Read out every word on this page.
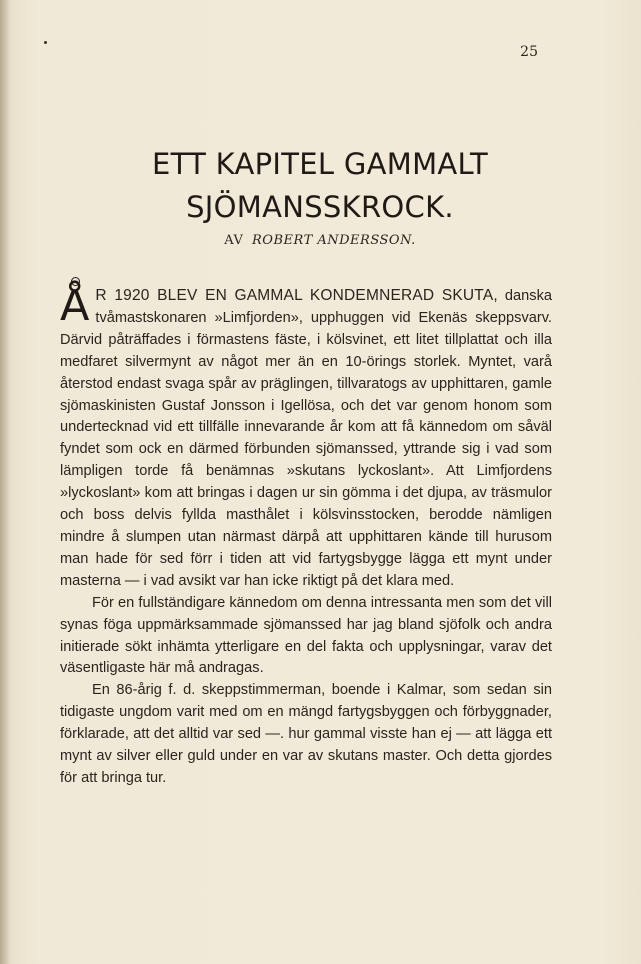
25
ETT KAPITEL GAMMALT
SJÖMANSSKROCK.
AV ROBERT ANDERSSON.

Å R 1920 BLEV EN GAMMAL KONDEMNERAD SKUTA, danska tvåmastskonaren »Limfjorden», upphuggen vid Ekenäs skeppsvarv. Därvid påträffades i förmastens fäste, i kölsvinet, ett litet tillplattat och illa medfaret silvermynt av något mer än en 10-örings storlek. Myntet, varå återstod endast svaga spår av präglingen, tillvaratogs av upphittaren, gamle sjömaskinisten Gustaf Jonsson i Igellösa, och det var genom honom som undertecknad vid ett tillfälle innevarande år kom att få kännedom om såväl fyndet som ock en därmed förbunden sjömanssed, yttrande sig i vad som lämpligen torde få benämnas »skutans lyckoslant». Att Limfjordens »lyckoslant» kom att bringas i dagen ur sin gömma i det djupa, av träsmulor och boss delvis fyllda masthålet i kölsvinsstocken, berodde nämligen mindre å slumpen utan närmast därpå att upphittaren kände till hurusom man hade för sed förr i tiden att vid fartygsbygge lägga ett mynt under masterna — i vad avsikt var han icke riktigt på det klara med.

För en fullständigare kännedom om denna intressanta men som det vill synas föga uppmärksammade sjömanssed har jag bland sjöfolk och andra initierade sökt inhämta ytterligare en del fakta och upplysningar, varav det väsentligaste här må andragas.

En 86-årig f. d. skeppstimmerman, boende i Kalmar, som sedan sin tidigaste ungdom varit med om en mängd fartygsbyggen och förbyggnader, förklarade, att det alltid var sed —. hur gammal visste han ej — att lägga ett mynt av silver eller guld under en var av skutans master. Och detta gjordes för att bringa tur.
